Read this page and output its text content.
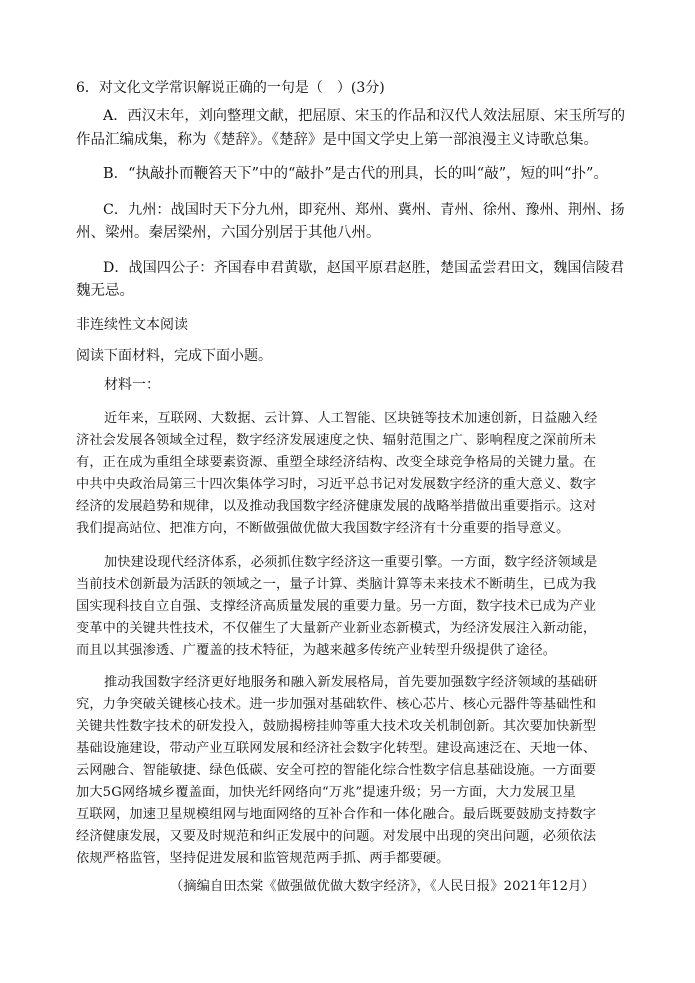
6．对文化文学常识解说正确的一句是（　）(3分)
A．西汉末年，刘向整理文献，把屈原、宋玉的作品和汉代人效法屈原、宋玉所写的
作品汇编成集，称为《楚辞》。《楚辞》是中国文学史上第一部浪漫主义诗歌总集。
B．“执敲扑而鞭笞天下”中的“敲扑”是古代的刑具，长的叫“敲”，短的叫“扑”。
C．九州：战国时天下分九州，即兖州、郑州、冀州、青州、徐州、豫州、荆州、扬
州、梁州。秦居梁州，六国分别居于其他八州。
D．战国四公子：齐国春申君黄歇，赵国平原君赵胜，楚国孟尝君田文，魏国信陵君
魏无忌。
非连续性文本阅读
阅读下面材料，完成下面小题。
材料一：
近年来，互联网、大数据、云计算、人工智能、区块链等技术加速创新，日益融入经
济社会发展各领域全过程，数字经济发展速度之快、辐射范围之广、影响程度之深前所未
有，正在成为重组全球要素资源、重塑全球经济结构、改变全球竞争格局的关键力量。在
中共中央政治局第三十四次集体学习时，习近平总书记对发展数字经济的重大意义、数字
经济的发展趋势和规律，以及推动我国数字经济健康发展的战略举措做出重要指示。这对
我们提高站位、把准方向，不断做强做优做大我国数字经济有十分重要的指导意义。
加快建设现代经济体系，必须抓住数字经济这一重要引擎。一方面，数字经济领域是
当前技术创新最为活跃的领域之一，量子计算、类脑计算等未来技术不断萌生，已成为我
国实现科技自立自强、支撑经济高质量发展的重要力量。另一方面，数字技术已成为产业
变革中的关键共性技术，不仅催生了大量新产业新业态新模式，为经济发展注入新动能，
而且以其强渗透、广覆盖的技术特征，为越来越多传统产业转型升级提供了途径。
推动我国数字经济更好地服务和融入新发展格局，首先要加强数字经济领域的基础研
究，力争突破关键核心技术。进一步加强对基础软件、核心芯片、核心元器件等基础性和
关键共性数字技术的研发投入，鼓励揭榜挂帅等重大技术攻关机制创新。其次要加快新型
基础设施建设，带动产业互联网发展和经济社会数字化转型。建设高速泛在、天地一体、
云网融合、智能敏捷、绿色低碳、安全可控的智能化综合性数字信息基础设施。一方面要
加大5G网络城乡覆盖面，加快光纤网络向“万兆”提速升级；另一方面，大力发展卫星
互联网，加速卫星规模组网与地面网络的互补合作和一体化融合。最后既要鼓励支持数字
经济健康发展，又要及时规范和纠正发展中的问题。对发展中出现的突出问题，必须依法
依规严格监管，坚持促进发展和监管规范两手抓、两手都要硬。
（摘编自田杰棠《做强做优做大数字经济》，《人民日报》2021年12月）
